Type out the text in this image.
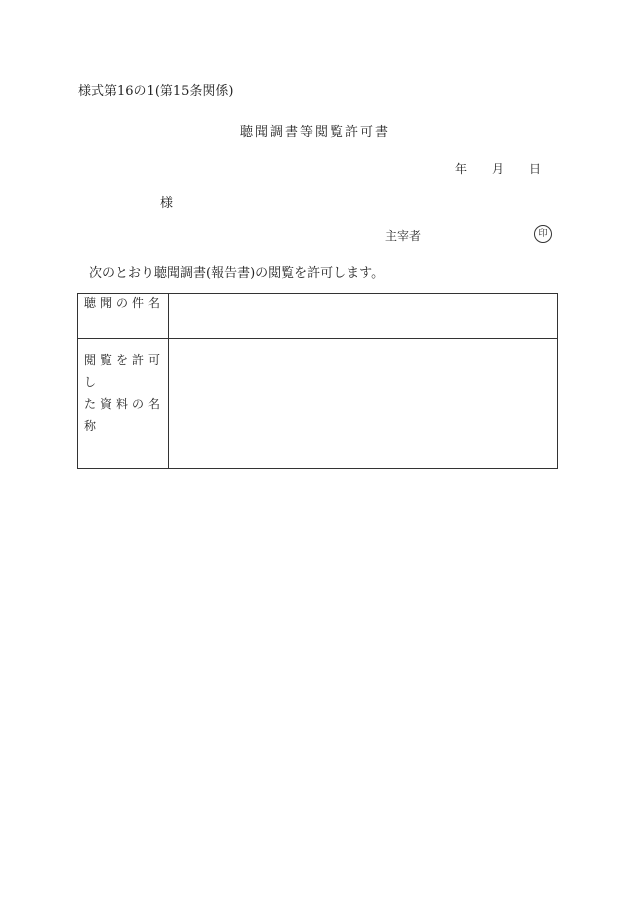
様式第16の1(第15条関係)
聴聞調書等閲覧許可書
年	月	日
様
主宰者	印
次のとおり聴聞調書(報告書)の閲覧を許可します。
聴聞の件名	

閲覧を許可し
た資料の名称	
